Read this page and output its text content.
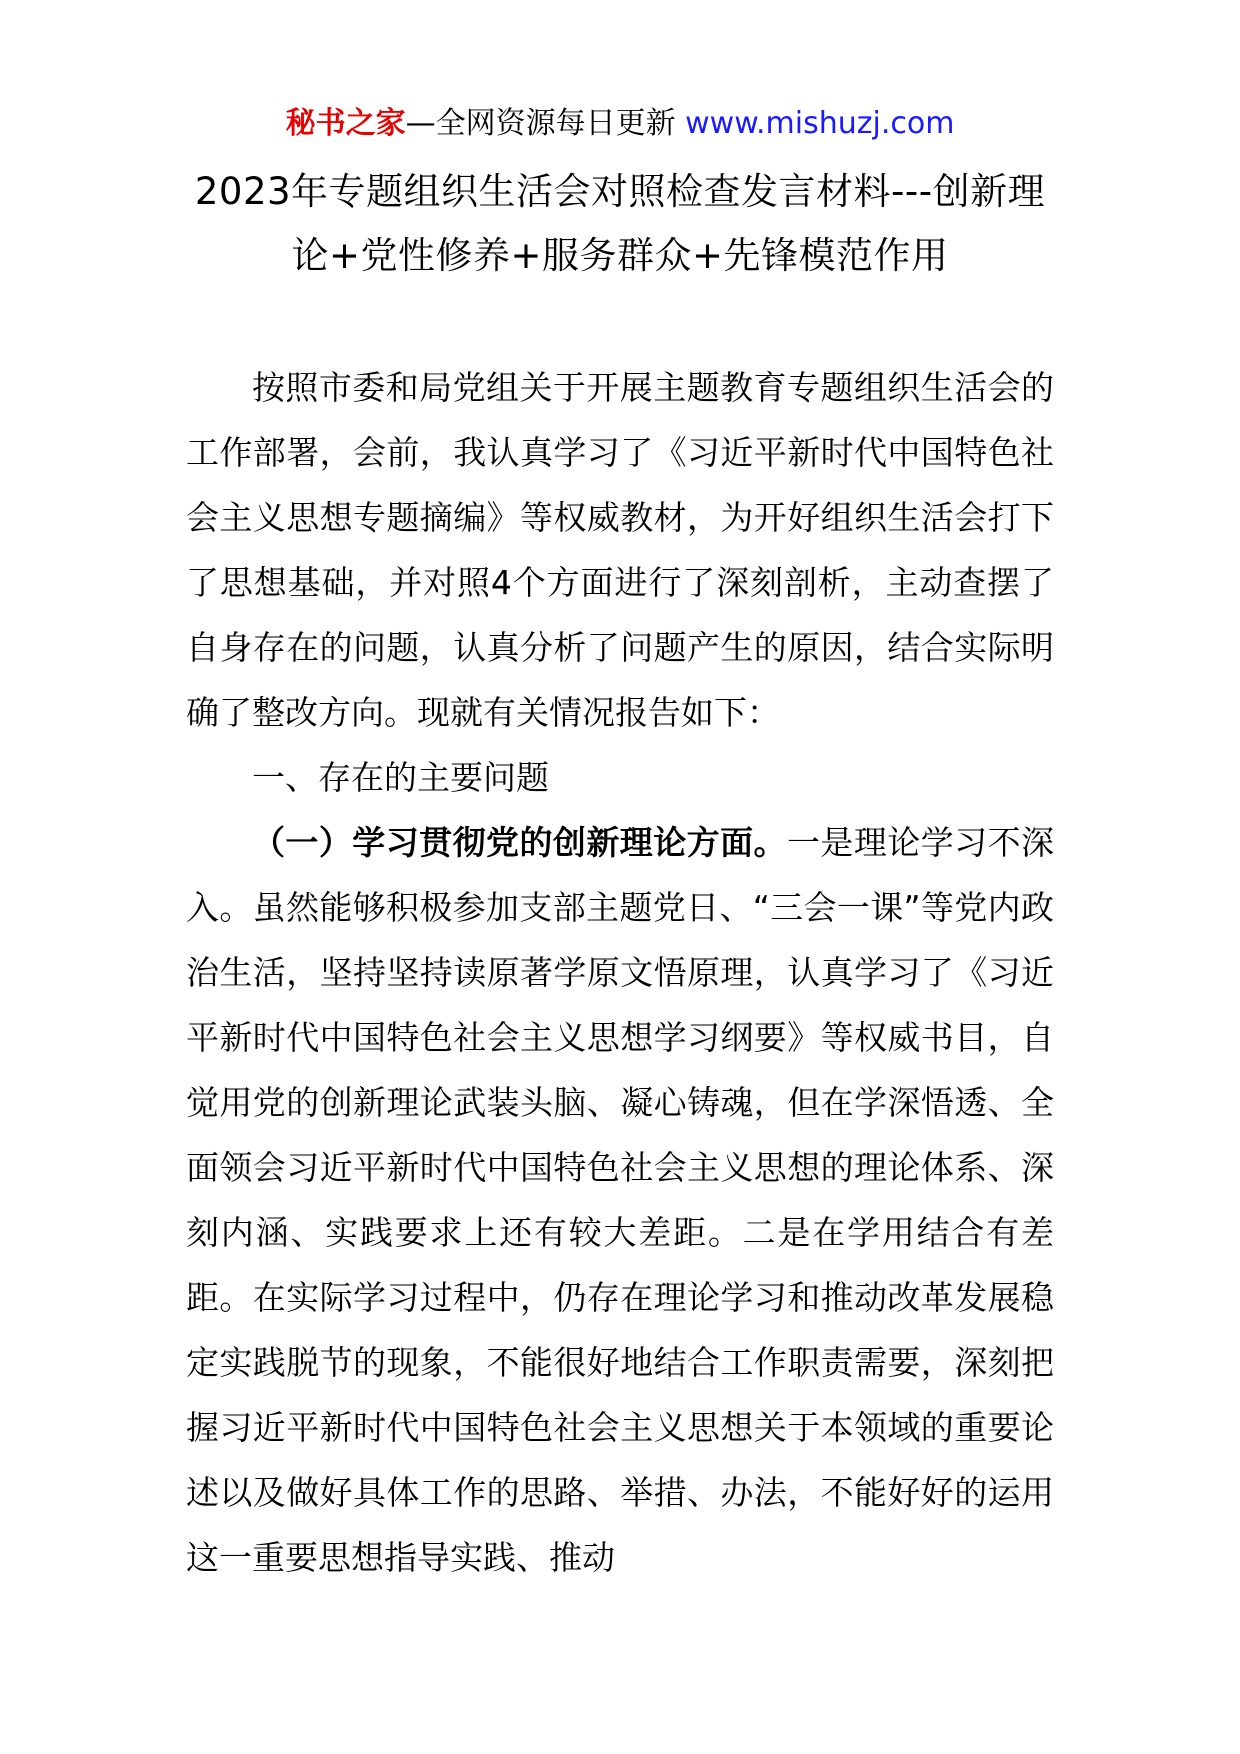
秘书之家—全网资源每日更新 www.mishuzj.com
2023年专题组织生活会对照检查发言材料---创新理论+党性修养+服务群众+先锋模范作用

按照市委和局党组关于开展主题教育专题组织生活会的工作部署，会前，我认真学习了《习近平新时代中国特色社会主义思想专题摘编》等权威教材，为开好组织生活会打下了思想基础，并对照4个方面进行了深刻剖析，主动查摆了自身存在的问题，认真分析了问题产生的原因，结合实际明确了整改方向。现就有关情况报告如下：

一、存在的主要问题

（一）学习贯彻党的创新理论方面。一是理论学习不深入。虽然能够积极参加支部主题党日、“三会一课”等党内政治生活，坚持坚持读原著学原文悟原理，认真学习了《习近平新时代中国特色社会主义思想学习纲要》等权威书目，自觉用党的创新理论武装头脑、凝心铸魂，但在学深悟透、全面领会习近平新时代中国特色社会主义思想的理论体系、深刻内涵、实践要求上还有较大差距。二是在学用结合有差距。在实际学习过程中，仍存在理论学习和推动改革发展稳定实践脱节的现象，不能很好地结合工作职责需要，深刻把握习近平新时代中国特色社会主义思想关于本领域的重要论述以及做好具体工作的思路、举措、办法，不能好好的运用这一重要思想指导实践、推动
